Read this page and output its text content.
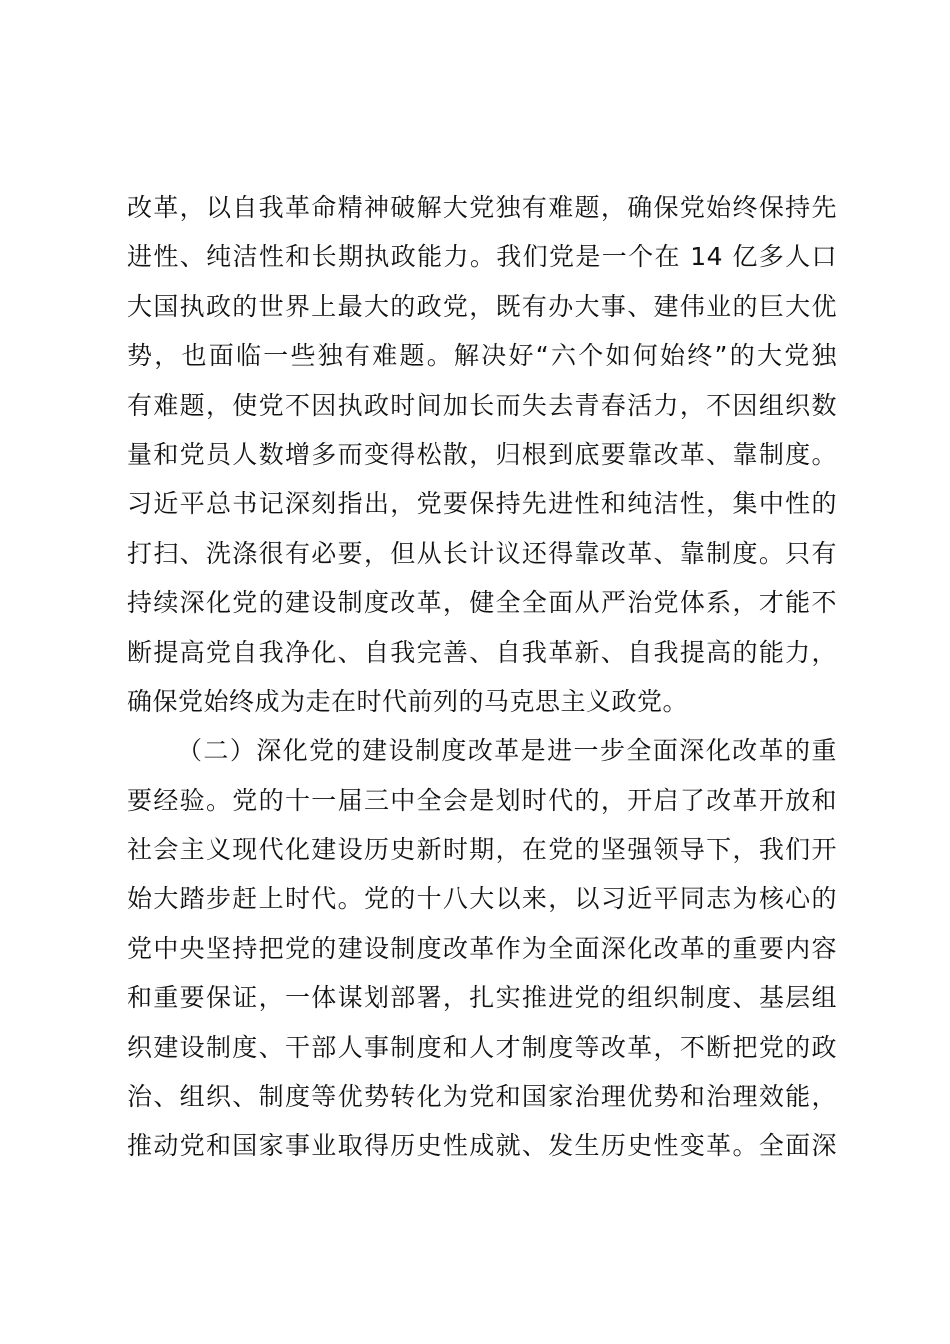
改革，以自我革命精神破解大党独有难题，确保党始终保持先
进性、纯洁性和长期执政能力。我们党是一个在 14 亿多人口
大国执政的世界上最大的政党，既有办大事、建伟业的巨大优
势，也面临一些独有难题。解决好“六个如何始终”的大党独
有难题，使党不因执政时间加长而失去青春活力，不因组织数
量和党员人数增多而变得松散，归根到底要靠改革、靠制度。
习近平总书记深刻指出，党要保持先进性和纯洁性，集中性的
打扫、洗涤很有必要，但从长计议还得靠改革、靠制度。只有
持续深化党的建设制度改革，健全全面从严治党体系，才能不
断提高党自我净化、自我完善、自我革新、自我提高的能力，
确保党始终成为走在时代前列的马克思主义政党。
（二）深化党的建设制度改革是进一步全面深化改革的重
要经验。党的十一届三中全会是划时代的，开启了改革开放和
社会主义现代化建设历史新时期，在党的坚强领导下，我们开
始大踏步赶上时代。党的十八大以来，以习近平同志为核心的
党中央坚持把党的建设制度改革作为全面深化改革的重要内容
和重要保证，一体谋划部署，扎实推进党的组织制度、基层组
织建设制度、干部人事制度和人才制度等改革，不断把党的政
治、组织、制度等优势转化为党和国家治理优势和治理效能，
推动党和国家事业取得历史性成就、发生历史性变革。全面深
